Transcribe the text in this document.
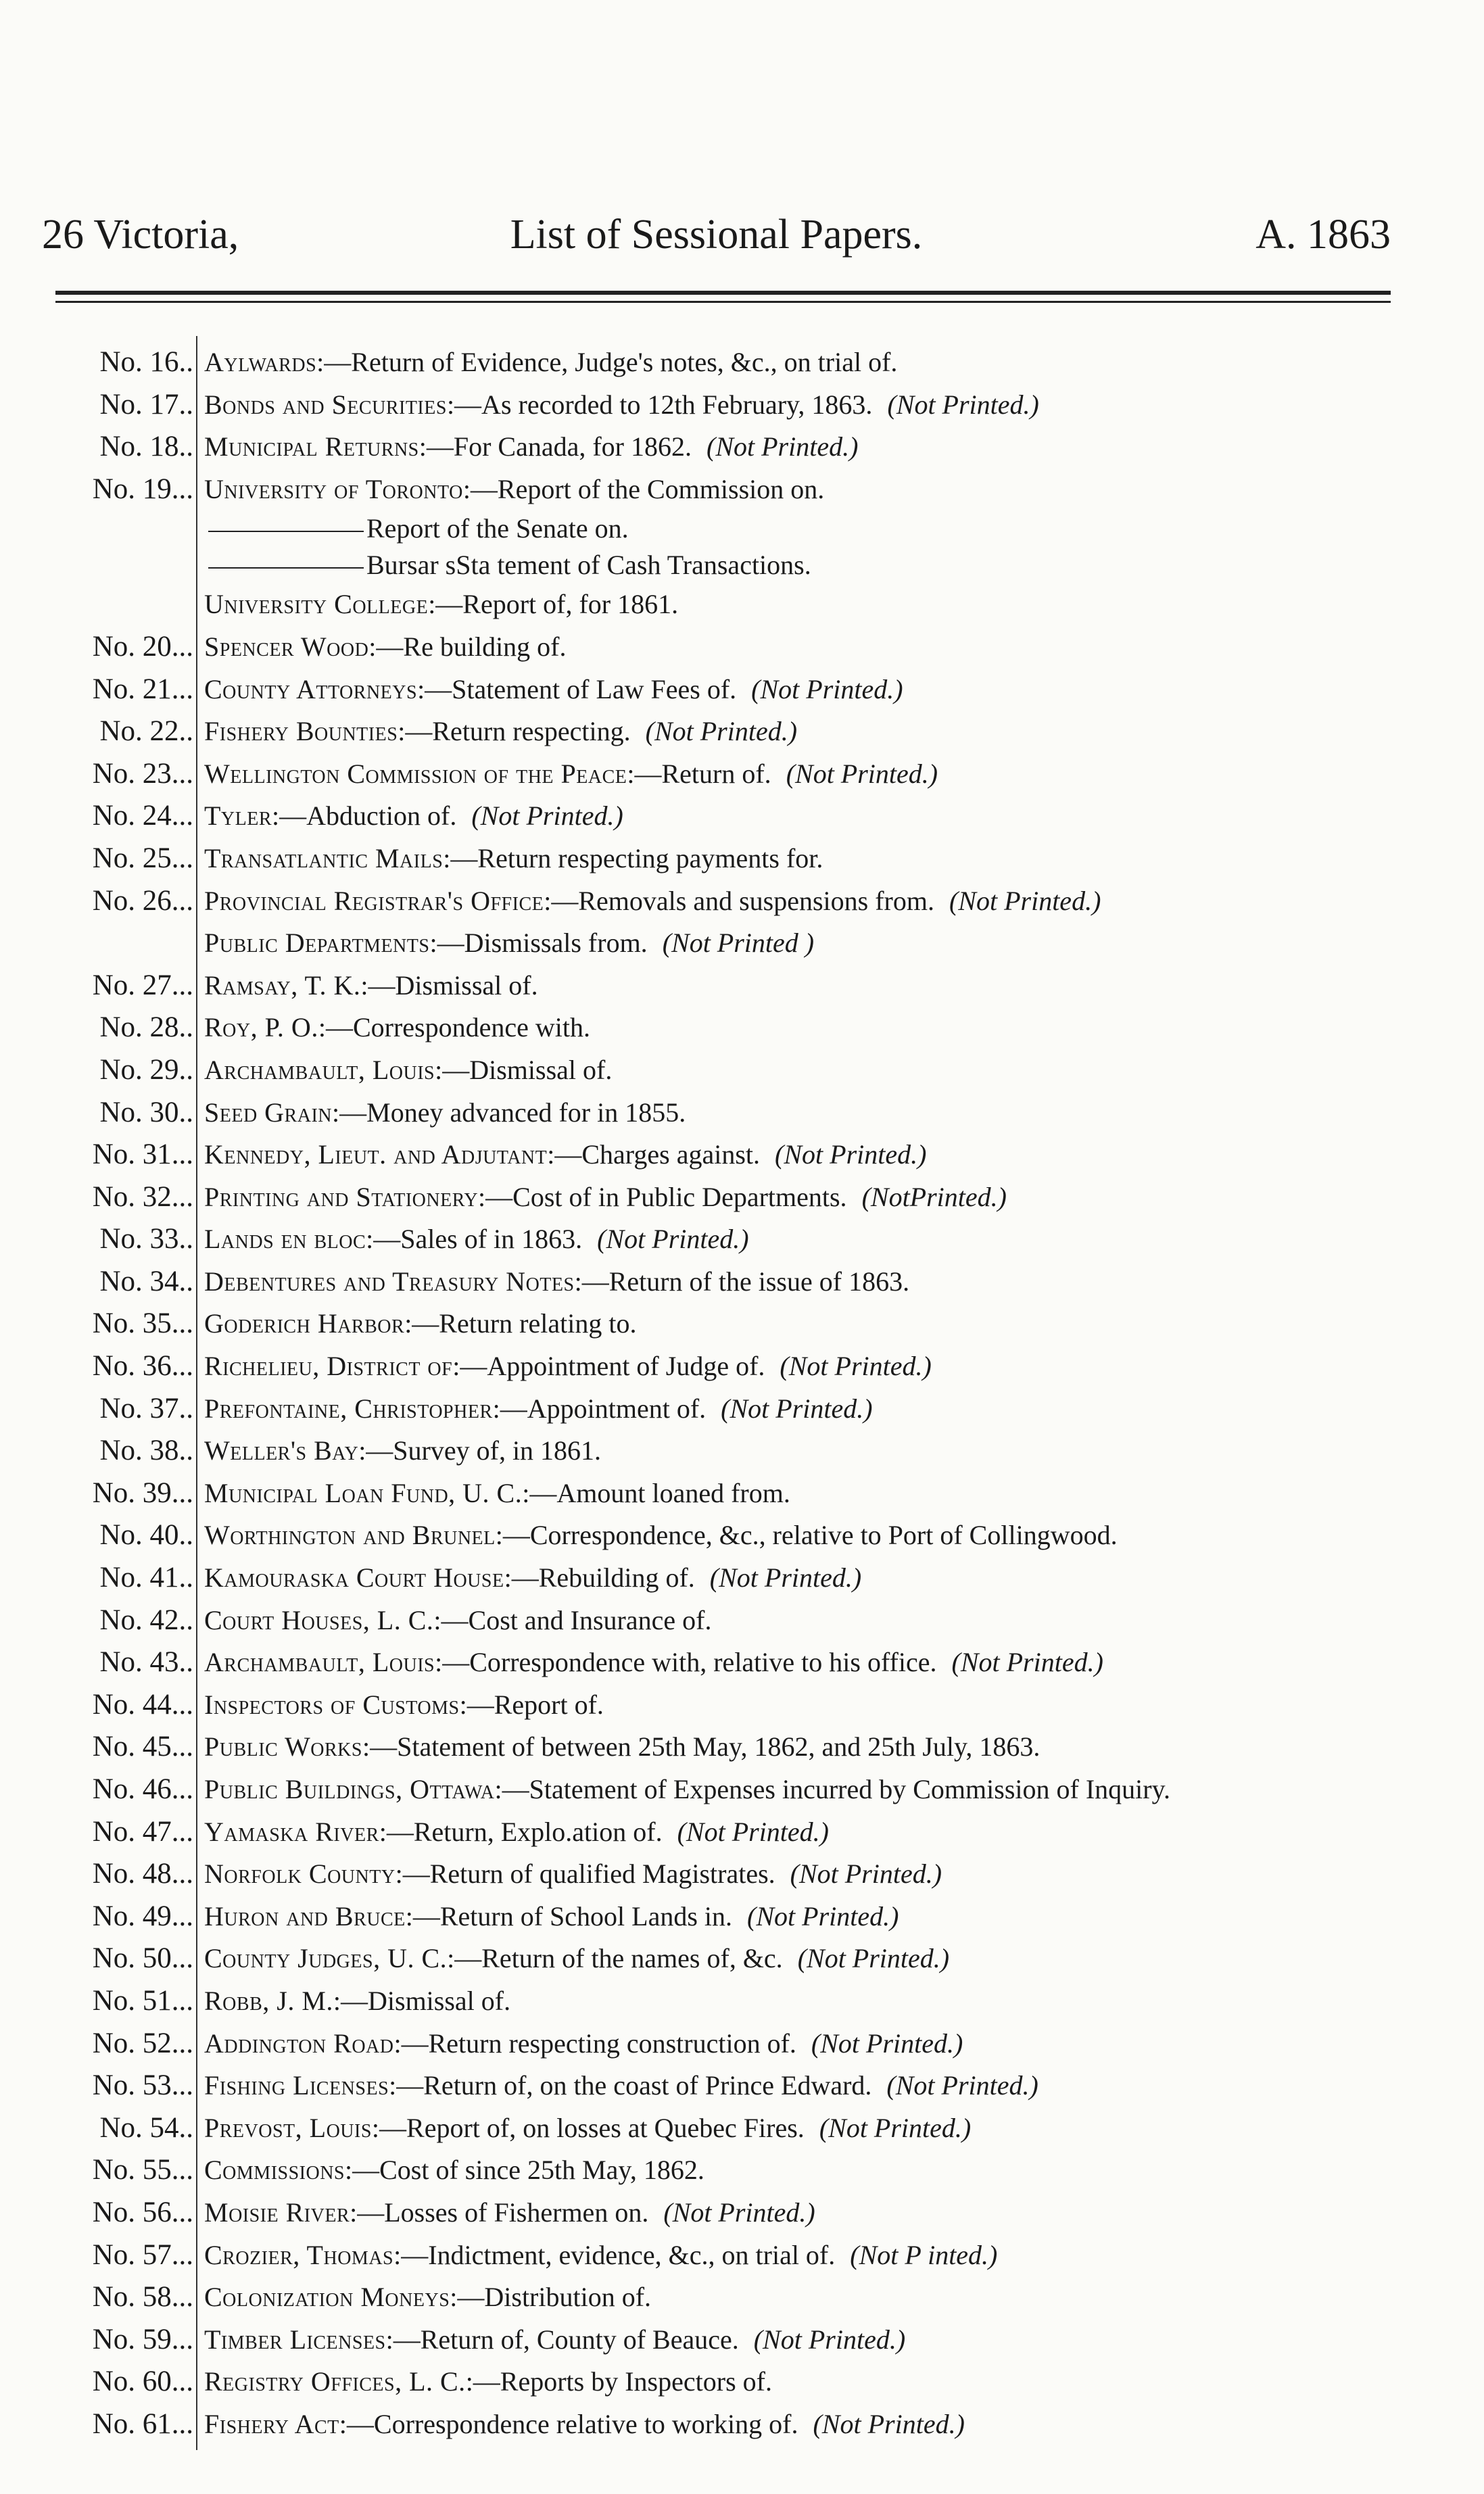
26 Victoria,	List of Sessional Papers.	A. 1863
No. 16.. Aylwards:—Return of Evidence, Judge's notes, &c., on trial of.
No. 17.. Bonds and Securities:—As recorded to 12th February, 1863. (Not Printed.)
No. 18.. Municipal Returns:—For Canada, for 1862. (Not Printed.)
No. 19... University of Toronto:—Report of the Commission on.
Report of the Senate on.
Bursar sSta tement of Cash Transactions.
University College:—Report of, for 1861.
No. 20... Spencer Wood:—Re building of.
No. 21... County Attorneys:—Statement of Law Fees of. (Not Printed.)
No. 22.. Fishery Bounties:—Return respecting. (Not Printed.)
No. 23... Wellington Commission of the Peace:—Return of. (Not Printed.)
No. 24... Tyler:—Abduction of. (Not Printed.)
No. 25... Transatlantic Mails:—Return respecting payments for.
No. 26... Provincial Registrar's Office:—Removals and suspensions from. (Not Printed.)
Public Departments:—Dismissals from. (Not Printed )
No. 27... Ramsay, T. K.:—Dismissal of.
No. 28.. Roy, P. O.:—Correspondence with.
No. 29.. Archambault, Louis:—Dismissal of.
No. 30.. Seed Grain:—Money advanced for in 1855.
No. 31... Kennedy, Lieut. and Adjutant:—Charges against. (Not Printed.)
No. 32... Printing and Stationery:—Cost of in Public Departments. (NotPrinted.)
No. 33.. Lands en bloc:—Sales of in 1863. (Not Printed.)
No. 34.. Debentures and Treasury Notes:—Return of the issue of 1863.
No. 35... Goderich Harbor:—Return relating to.
No. 36... Richelieu, District of:—Appointment of Judge of. (Not Printed.)
No. 37.. Prefontaine, Christopher:—Appointment of. (Not Printed.)
No. 38.. Weller's Bay:—Survey of, in 1861.
No. 39... Municipal Loan Fund, U. C.:—Amount loaned from.
No. 40.. Worthington and Brunel:—Correspondence, &c., relative to Port of Collingwood.
No. 41.. Kamouraska Court House:—Rebuilding of. (Not Printed.)
No. 42.. Court Houses, L. C.:—Cost and Insurance of.
No. 43.. Archambault, Louis:—Correspondence with, relative to his office. (Not Printed.)
No. 44... Inspectors of Customs:—Report of.
No. 45... Public Works:—Statement of between 25th May, 1862, and 25th July, 1863.
No. 46... Public Buildings, Ottawa:—Statement of Expenses incurred by Commission of Inquiry.
No. 47... Yamaska River:—Return, Explo.ation of. (Not Printed.)
No. 48... Norfolk County:—Return of qualified Magistrates. (Not Printed.)
No. 49... Huron and Bruce:—Return of School Lands in. (Not Printed.)
No. 50... County Judges, U. C.:—Return of the names of, &c. (Not Printed.)
No. 51... Robb, J. M.:—Dismissal of.
No. 52... Addington Road:—Return respecting construction of. (Not Printed.)
No. 53... Fishing Licenses:—Return of, on the coast of Prince Edward. (Not Printed.)
No. 54.. Prevost, Louis:—Report of, on losses at Quebec Fires. (Not Printed.)
No. 55... Commissions:—Cost of since 25th May, 1862.
No. 56... Moisie River:—Losses of Fishermen on. (Not Printed.)
No. 57... Crozier, Thomas:—Indictment, evidence, &c., on trial of. (Not P inted.)
No. 58... Colonization Moneys:—Distribution of.
No. 59... Timber Licenses:—Return of, County of Beauce. (Not Printed.)
No. 60... Registry Offices, L. C.:—Reports by Inspectors of.
No. 61... Fishery Act:—Correspondence relative to working of. (Not Printed.)
